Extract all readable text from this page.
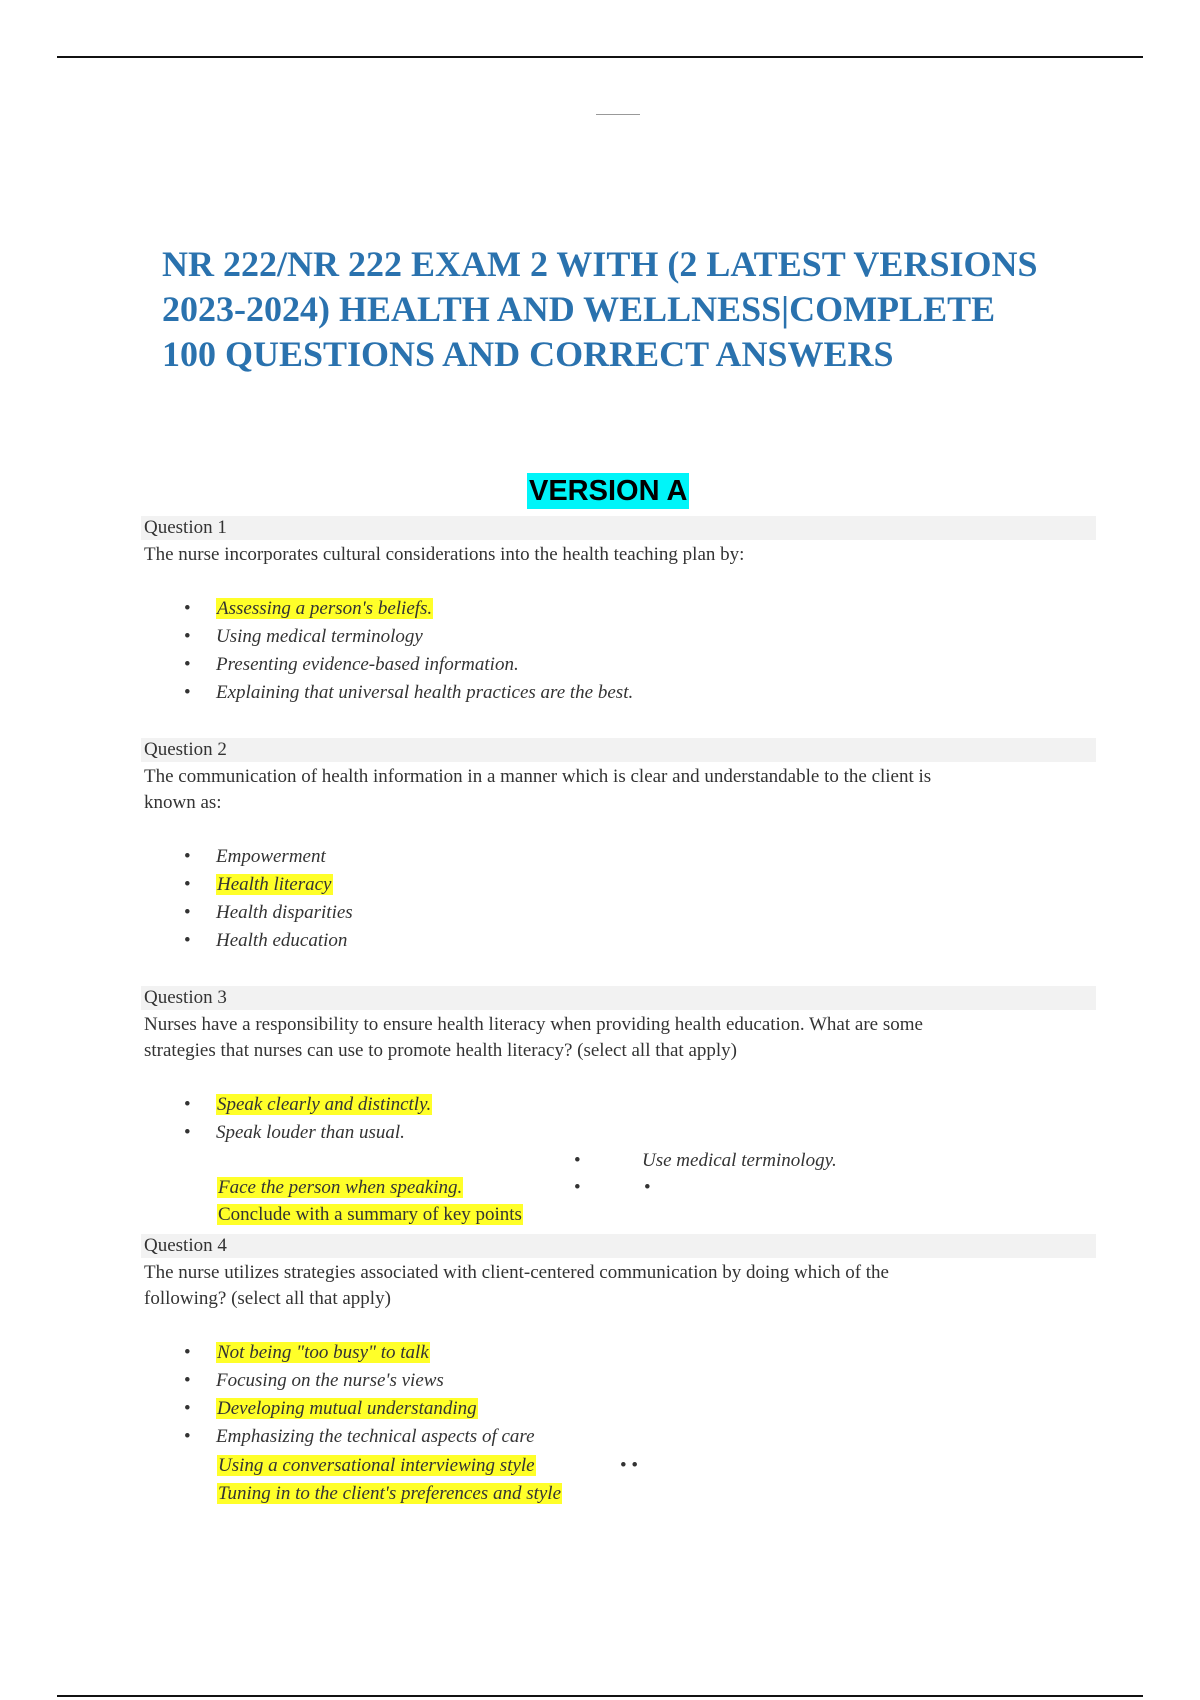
NR 222/NR 222 EXAM 2 WITH (2 LATEST VERSIONS
2023-2024) HEALTH AND WELLNESS|COMPLETE
100 QUESTIONS AND CORRECT ANSWERS
VERSION A
Question 1
The nurse incorporates cultural considerations into the health teaching plan by:
• Assessing a person's beliefs.
• Using medical terminology
• Presenting evidence-based information.
• Explaining that universal health practices are the best.
Question 2
The communication of health information in a manner which is clear and understandable to the client is
known as:
• Empowerment
• Health literacy
• Health disparities
• Health education
Question 3
Nurses have a responsibility to ensure health literacy when providing health education. What are some
strategies that nurses can use to promote health literacy? (select all that apply)
• Speak clearly and distinctly.
• Speak louder than usual.
•	Use medical terminology.
Face the person when speaking.	•	•
Conclude with a summary of key points
Question 4
The nurse utilizes strategies associated with client-centered communication by doing which of the
following? (select all that apply)
• Not being "too busy" to talk
• Focusing on the nurse's views
• Developing mutual understanding
• Emphasizing the technical aspects of care
Using a conversational interviewing style	• •
Tuning in to the client's preferences and style
